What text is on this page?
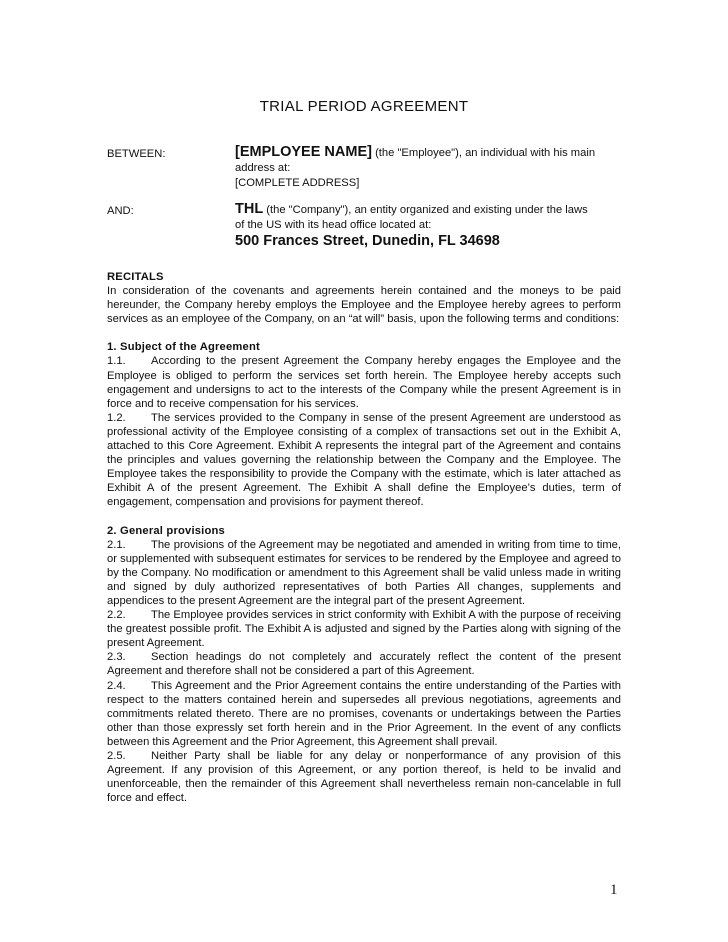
TRIAL PERIOD AGREEMENT
BETWEEN:	[EMPLOYEE NAME] (the "Employee"), an individual with his main
address at:
[COMPLETE ADDRESS]
AND:	THL (the "Company"), an entity organized and existing under the laws
of the US with its head office located at:
500 Frances Street, Dunedin, FL 34698

RECITALS

In consideration of the covenants and agreements herein contained and the moneys to be paid hereunder, the Company hereby employs the Employee and the Employee hereby agrees to perform services as an employee of the Company, on an “at will” basis, upon the following terms and conditions:

1. Subject of the Agreement

1.1. According to the present Agreement the Company hereby engages the Employee and the Employee is obliged to perform the services set forth herein. The Employee hereby accepts such engagement and undersigns to act to the interests of the Company while the present Agreement is in force and to receive compensation for his services.

1.2. The services provided to the Company in sense of the present Agreement are understood as professional activity of the Employee consisting of a complex of transactions set out in the Exhibit A, attached to this Core Agreement. Exhibit A represents the integral part of the Agreement and contains the principles and values governing the relationship between the Company and the Employee. The Employee takes the responsibility to provide the Company with the estimate, which is later attached as Exhibit A of the present Agreement. The Exhibit A shall define the Employee’s duties, term of engagement, compensation and provisions for payment thereof.

2. General provisions

2.1. The provisions of the Agreement may be negotiated and amended in writing from time to time, or supplemented with subsequent estimates for services to be rendered by the Employee and agreed to by the Company. No modification or amendment to this Agreement shall be valid unless made in writing and signed by duly authorized representatives of both Parties All changes, supplements and appendices to the present Agreement are the integral part of the present Agreement.

2.2. The Employee provides services in strict conformity with Exhibit A with the purpose of receiving the greatest possible profit. The Exhibit A is adjusted and signed by the Parties along with signing of the present Agreement.

2.3. Section headings do not completely and accurately reflect the content of the present Agreement and therefore shall not be considered a part of this Agreement.

2.4. This Agreement and the Prior Agreement contains the entire understanding of the Parties with respect to the matters contained herein and supersedes all previous negotiations, agreements and commitments related thereto. There are no promises, covenants or undertakings between the Parties other than those expressly set forth herein and in the Prior Agreement. In the event of any conflicts between this Agreement and the Prior Agreement, this Agreement shall prevail.

2.5. Neither Party shall be liable for any delay or nonperformance of any provision of this Agreement. If any provision of this Agreement, or any portion thereof, is held to be invalid and unenforceable, then the remainder of this Agreement shall nevertheless remain non-cancelable in full force and effect.

1
